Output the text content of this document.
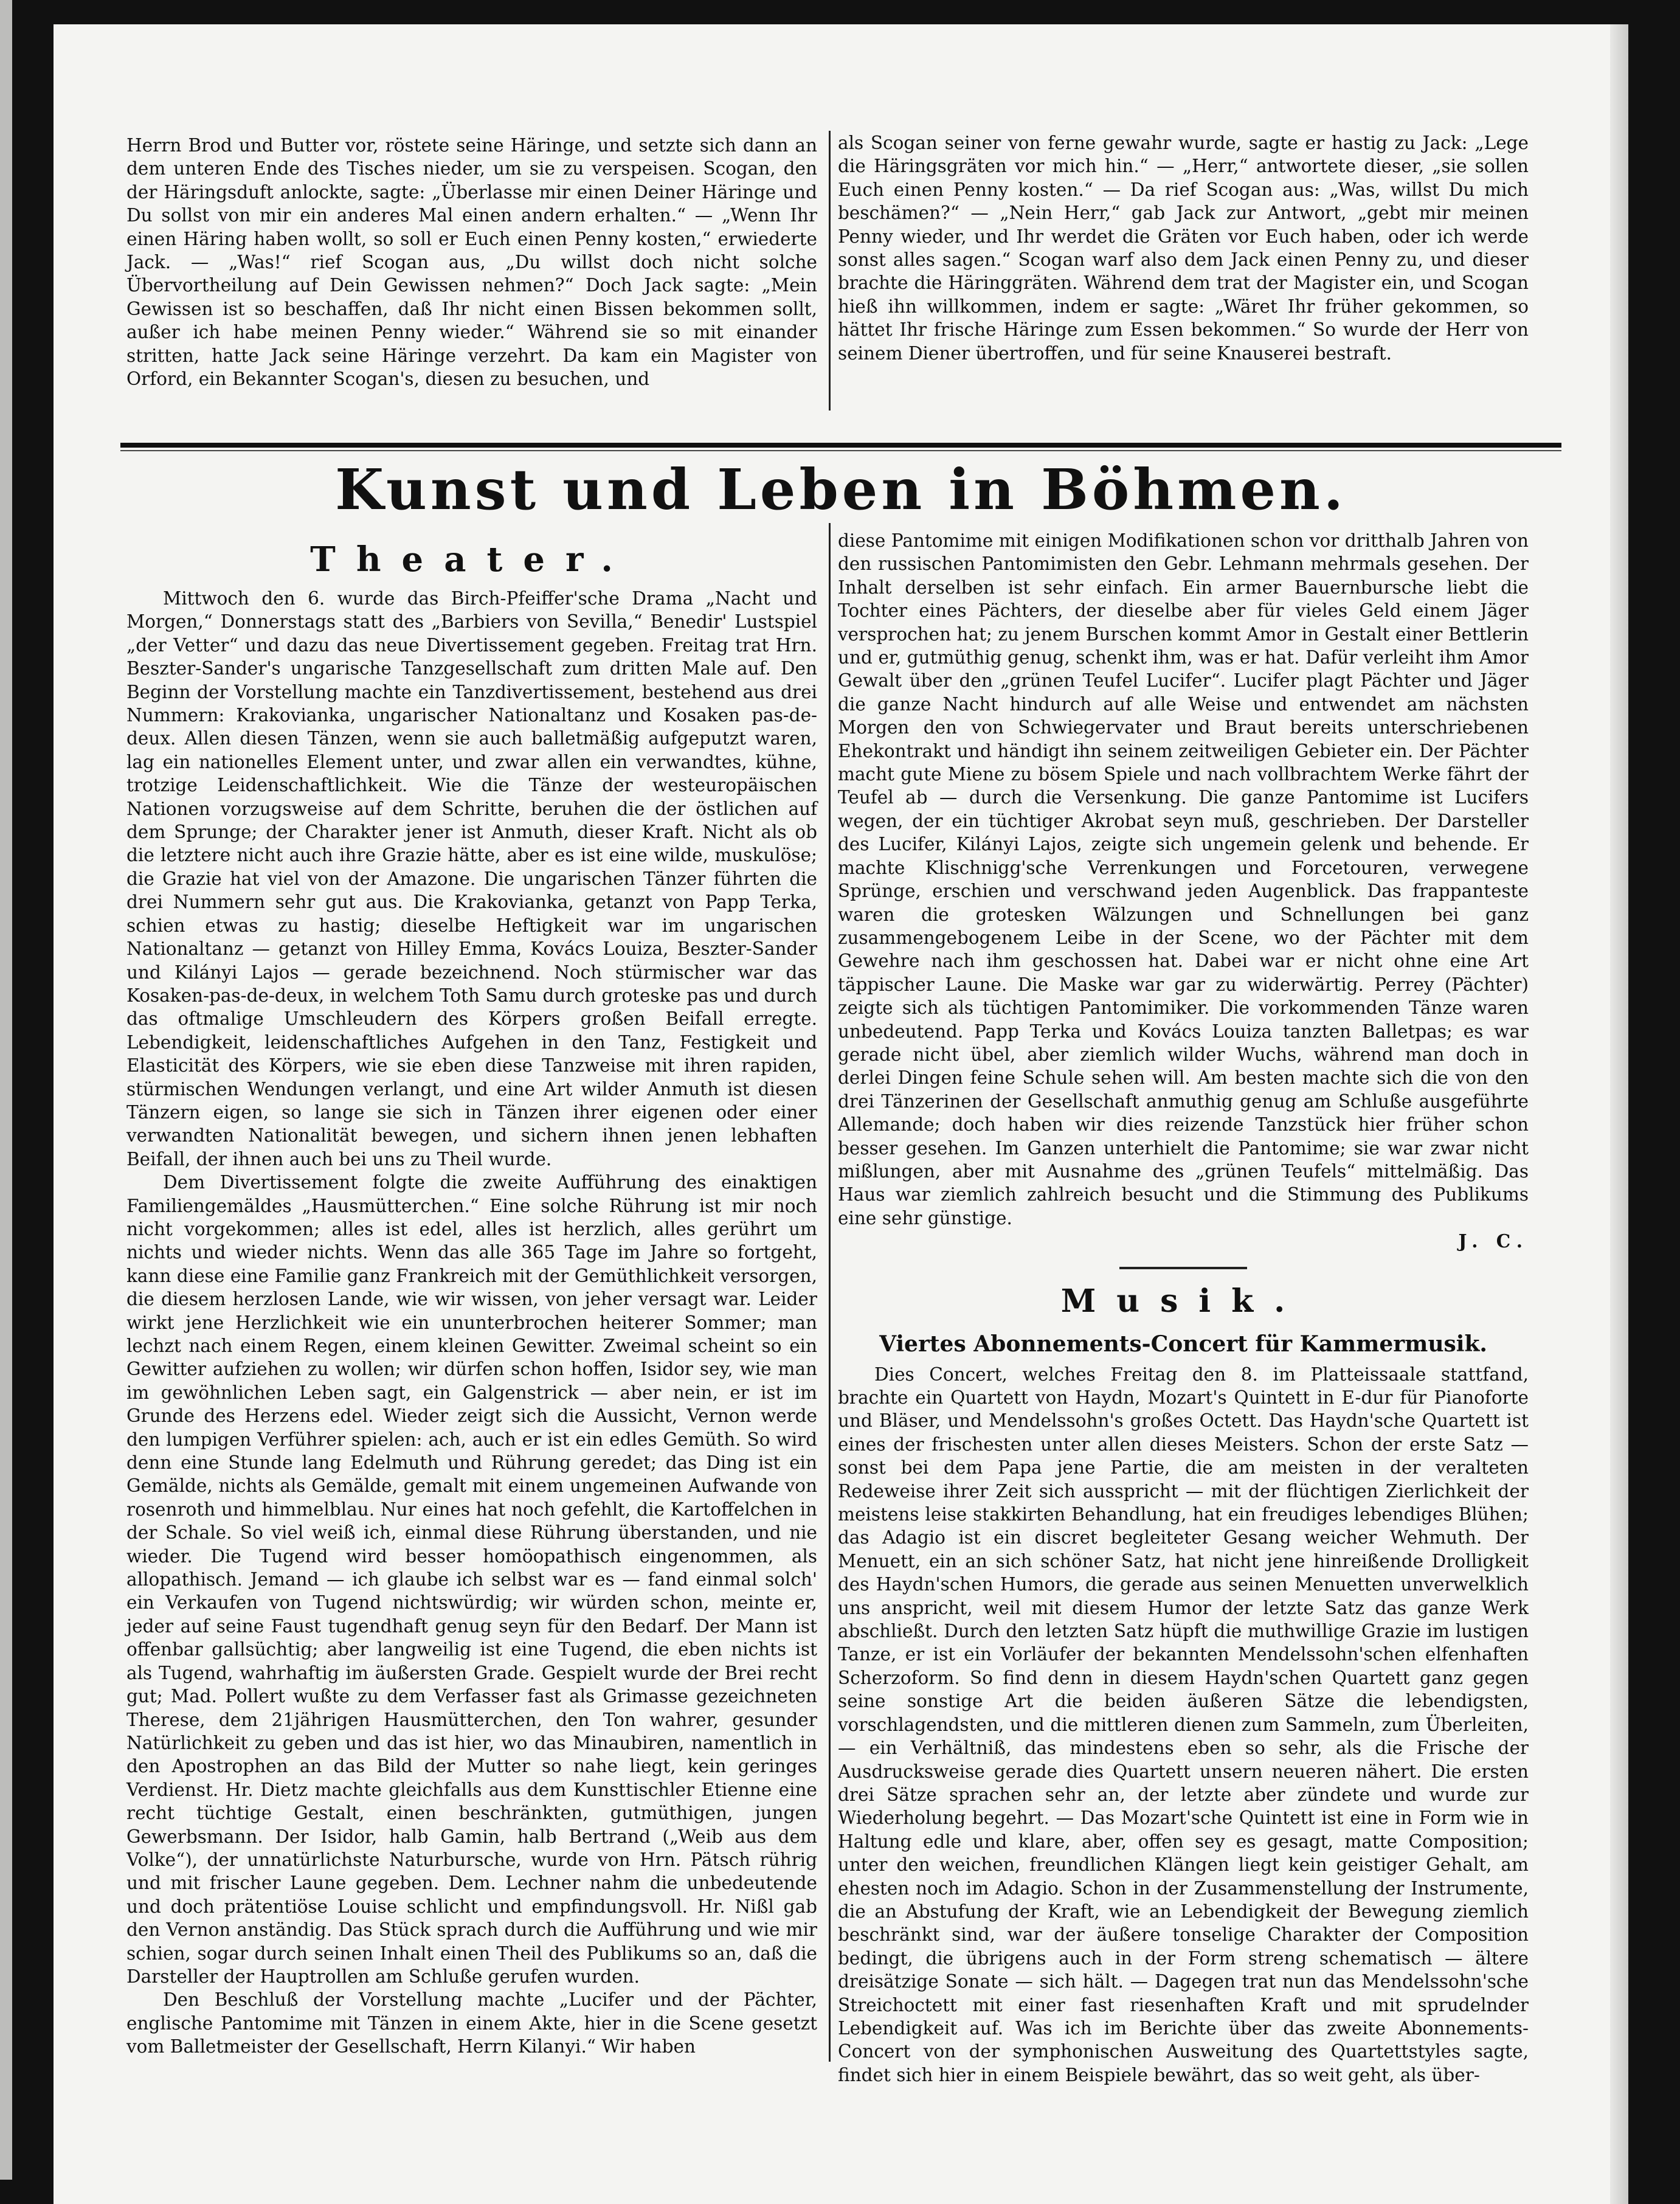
Herrn Brod und Butter vor, röstete seine Häringe, und setzte sich dann an dem unteren Ende des Tisches nieder, um sie zu verspeisen. Scogan, den der Häringsduft anlockte, sagte: „Überlasse mir einen Deiner Häringe und Du sollst von mir ein anderes Mal einen andern erhalten.“ — „Wenn Ihr einen Häring haben wollt, so soll er Euch einen Penny kosten,“ erwiederte Jack. — „Was!“ rief Scogan aus, „Du willst doch nicht solche Übervortheilung auf Dein Gewissen nehmen?“ Doch Jack sagte: „Mein Gewissen ist so beschaffen, daß Ihr nicht einen Bissen bekommen sollt, außer ich habe meinen Penny wieder.“ Während sie so mit einander stritten, hatte Jack seine Häringe verzehrt. Da kam ein Magister von Orford, ein Bekannter Scogan's, diesen zu besuchen, und

als Scogan seiner von ferne gewahr wurde, sagte er hastig zu Jack: „Lege die Häringsgräten vor mich hin.“ — „Herr,“ antwortete dieser, „sie sollen Euch einen Penny kosten.“ — Da rief Scogan aus: „Was, willst Du mich beschämen?“ — „Nein Herr,“ gab Jack zur Antwort, „gebt mir meinen Penny wieder, und Ihr werdet die Gräten vor Euch haben, oder ich werde sonst alles sagen.“ Scogan warf also dem Jack einen Penny zu, und dieser brachte die Häringgräten. Während dem trat der Magister ein, und Scogan hieß ihn willkommen, indem er sagte: „Wäret Ihr früher gekommen, so hättet Ihr frische Häringe zum Essen bekommen.“ So wurde der Herr von seinem Diener übertroffen, und für seine Knauserei bestraft.

Kunst und Leben in Böhmen.
Theater.

Mittwoch den 6. wurde das Birch-Pfeiffer'sche Drama „Nacht und Morgen,“ Donnerstags statt des „Barbiers von Sevilla,“ Benedir' Lustspiel „der Vetter“ und dazu das neue Divertissement gegeben. Freitag trat Hrn. Beszter-Sander's ungarische Tanzgesellschaft zum dritten Male auf. Den Beginn der Vorstellung machte ein Tanzdivertissement, bestehend aus drei Nummern: Krakovianka, ungarischer Nationaltanz und Kosaken pas-de-deux. Allen diesen Tänzen, wenn sie auch balletmäßig aufgeputzt waren, lag ein nationelles Element unter, und zwar allen ein verwandtes, kühne, trotzige Leidenschaftlichkeit. Wie die Tänze der westeuropäischen Nationen vorzugsweise auf dem Schritte, beruhen die der östlichen auf dem Sprunge; der Charakter jener ist Anmuth, dieser Kraft. Nicht als ob die letztere nicht auch ihre Grazie hätte, aber es ist eine wilde, muskulöse; die Grazie hat viel von der Amazone. Die ungarischen Tänzer führten die drei Nummern sehr gut aus. Die Krakovianka, getanzt von Papp Terka, schien etwas zu hastig; dieselbe Heftigkeit war im ungarischen Nationaltanz — getanzt von Hilley Emma, Kovács Louiza, Beszter-Sander und Kilányi Lajos — gerade bezeichnend. Noch stürmischer war das Kosaken-pas-de-deux, in welchem Toth Samu durch groteske pas und durch das oftmalige Umschleudern des Körpers großen Beifall erregte. Lebendigkeit, leidenschaftliches Aufgehen in den Tanz, Festigkeit und Elasticität des Körpers, wie sie eben diese Tanzweise mit ihren rapiden, stürmischen Wendungen verlangt, und eine Art wilder Anmuth ist diesen Tänzern eigen, so lange sie sich in Tänzen ihrer eigenen oder einer verwandten Nationalität bewegen, und sichern ihnen jenen lebhaften Beifall, der ihnen auch bei uns zu Theil wurde.

Dem Divertissement folgte die zweite Aufführung des einaktigen Familiengemäldes „Hausmütterchen.“ Eine solche Rührung ist mir noch nicht vorgekommen; alles ist edel, alles ist herzlich, alles gerührt um nichts und wieder nichts. Wenn das alle 365 Tage im Jahre so fortgeht, kann diese eine Familie ganz Frankreich mit der Gemüthlichkeit versorgen, die diesem herzlosen Lande, wie wir wissen, von jeher versagt war. Leider wirkt jene Herzlichkeit wie ein ununterbrochen heiterer Sommer; man lechzt nach einem Regen, einem kleinen Gewitter. Zweimal scheint so ein Gewitter aufziehen zu wollen; wir dürfen schon hoffen, Isidor sey, wie man im gewöhnlichen Leben sagt, ein Galgenstrick — aber nein, er ist im Grunde des Herzens edel. Wieder zeigt sich die Aussicht, Vernon werde den lumpigen Verführer spielen: ach, auch er ist ein edles Gemüth. So wird denn eine Stunde lang Edelmuth und Rührung geredet; das Ding ist ein Gemälde, nichts als Gemälde, gemalt mit einem ungemeinen Aufwande von rosenroth und himmelblau. Nur eines hat noch gefehlt, die Kartoffelchen in der Schale. So viel weiß ich, einmal diese Rührung überstanden, und nie wieder. Die Tugend wird besser homöopathisch eingenommen, als allopathisch. Jemand — ich glaube ich selbst war es — fand einmal solch' ein Verkaufen von Tugend nichtswürdig; wir würden schon, meinte er, jeder auf seine Faust tugendhaft genug seyn für den Bedarf. Der Mann ist offenbar gallsüchtig; aber langweilig ist eine Tugend, die eben nichts ist als Tugend, wahrhaftig im äußersten Grade. Gespielt wurde der Brei recht gut; Mad. Pollert wußte zu dem Verfasser fast als Grimasse gezeichneten Therese, dem 21jährigen Hausmütterchen, den Ton wahrer, gesunder Natürlichkeit zu geben und das ist hier, wo das Minaubiren, namentlich in den Apostrophen an das Bild der Mutter so nahe liegt, kein geringes Verdienst. Hr. Dietz machte gleichfalls aus dem Kunsttischler Etienne eine recht tüchtige Gestalt, einen beschränkten, gutmüthigen, jungen Gewerbsmann. Der Isidor, halb Gamin, halb Bertrand („Weib aus dem Volke“), der unnatürlichste Naturbursche, wurde von Hrn. Pätsch rührig und mit frischer Laune gegeben. Dem. Lechner nahm die unbedeutende und doch prätentiöse Louise schlicht und empfindungsvoll. Hr. Nißl gab den Vernon anständig. Das Stück sprach durch die Aufführung und wie mir schien, sogar durch seinen Inhalt einen Theil des Publikums so an, daß die Darsteller der Hauptrollen am Schluße gerufen wurden.

Den Beschluß der Vorstellung machte „Lucifer und der Pächter, englische Pantomime mit Tänzen in einem Akte, hier in die Scene gesetzt vom Balletmeister der Gesellschaft, Herrn Kilanyi.“ Wir haben

diese Pantomime mit einigen Modifikationen schon vor dritthalb Jahren von den russischen Pantomimisten den Gebr. Lehmann mehrmals gesehen. Der Inhalt derselben ist sehr einfach. Ein armer Bauernbursche liebt die Tochter eines Pächters, der dieselbe aber für vieles Geld einem Jäger versprochen hat; zu jenem Burschen kommt Amor in Gestalt einer Bettlerin und er, gutmüthig genug, schenkt ihm, was er hat. Dafür verleiht ihm Amor Gewalt über den „grünen Teufel Lucifer“. Lucifer plagt Pächter und Jäger die ganze Nacht hindurch auf alle Weise und entwendet am nächsten Morgen den von Schwiegervater und Braut bereits unterschriebenen Ehekontrakt und händigt ihn seinem zeitweiligen Gebieter ein. Der Pächter macht gute Miene zu bösem Spiele und nach vollbrachtem Werke fährt der Teufel ab — durch die Versenkung. Die ganze Pantomime ist Lucifers wegen, der ein tüchtiger Akrobat seyn muß, geschrieben. Der Darsteller des Lucifer, Kilányi Lajos, zeigte sich ungemein gelenk und behende. Er machte Klischnigg'sche Verrenkungen und Forcetouren, verwegene Sprünge, erschien und verschwand jeden Augenblick. Das frappanteste waren die grotesken Wälzungen und Schnellungen bei ganz zusammengebogenem Leibe in der Scene, wo der Pächter mit dem Gewehre nach ihm geschossen hat. Dabei war er nicht ohne eine Art täppischer Laune. Die Maske war gar zu widerwärtig. Perrey (Pächter) zeigte sich als tüchtigen Pantomimiker. Die vorkommenden Tänze waren unbedeutend. Papp Terka und Kovács Louiza tanzten Balletpas; es war gerade nicht übel, aber ziemlich wilder Wuchs, während man doch in derlei Dingen feine Schule sehen will. Am besten machte sich die von den drei Tänzerinen der Gesellschaft anmuthig genug am Schluße ausgeführte Allemande; doch haben wir dies reizende Tanzstück hier früher schon besser gesehen. Im Ganzen unterhielt die Pantomime; sie war zwar nicht mißlungen, aber mit Ausnahme des „grünen Teufels“ mittelmäßig. Das Haus war ziemlich zahlreich besucht und die Stimmung des Publikums eine sehr günstige.

J. C.
Musik.
Viertes Abonnements-Concert für Kammermusik.

Dies Concert, welches Freitag den 8. im Platteissaale stattfand, brachte ein Quartett von Haydn, Mozart's Quintett in E-dur für Pianoforte und Bläser, und Mendelssohn's großes Octett. Das Haydn'sche Quartett ist eines der frischesten unter allen dieses Meisters. Schon der erste Satz — sonst bei dem Papa jene Partie, die am meisten in der veralteten Redeweise ihrer Zeit sich ausspricht — mit der flüchtigen Zierlichkeit der meistens leise stakkirten Behandlung, hat ein freudiges lebendiges Blühen; das Adagio ist ein discret begleiteter Gesang weicher Wehmuth. Der Menuett, ein an sich schöner Satz, hat nicht jene hinreißende Drolligkeit des Haydn'schen Humors, die gerade aus seinen Menuetten unverwelklich uns anspricht, weil mit diesem Humor der letzte Satz das ganze Werk abschließt. Durch den letzten Satz hüpft die muthwillige Grazie im lustigen Tanze, er ist ein Vorläufer der bekannten Mendelssohn'schen elfenhaften Scherzoform. So find denn in diesem Haydn'schen Quartett ganz gegen seine sonstige Art die beiden äußeren Sätze die lebendigsten, vorschlagendsten, und die mittleren dienen zum Sammeln, zum Überleiten, — ein Verhältniß, das mindestens eben so sehr, als die Frische der Ausdrucksweise gerade dies Quartett unsern neueren nähert. Die ersten drei Sätze sprachen sehr an, der letzte aber zündete und wurde zur Wiederholung begehrt. — Das Mozart'sche Quintett ist eine in Form wie in Haltung edle und klare, aber, offen sey es gesagt, matte Composition; unter den weichen, freundlichen Klängen liegt kein geistiger Gehalt, am ehesten noch im Adagio. Schon in der Zusammenstellung der Instrumente, die an Abstufung der Kraft, wie an Lebendigkeit der Bewegung ziemlich beschränkt sind, war der äußere tonselige Charakter der Composition bedingt, die übrigens auch in der Form streng schematisch — ältere dreisätzige Sonate — sich hält. — Dagegen trat nun das Mendelssohn'sche Streichoctett mit einer fast riesenhaften Kraft und mit sprudelnder Lebendigkeit auf. Was ich im Berichte über das zweite Abonnements-Concert von der symphonischen Ausweitung des Quartettstyles sagte, findet sich hier in einem Beispiele bewährt, das so weit geht, als über-
